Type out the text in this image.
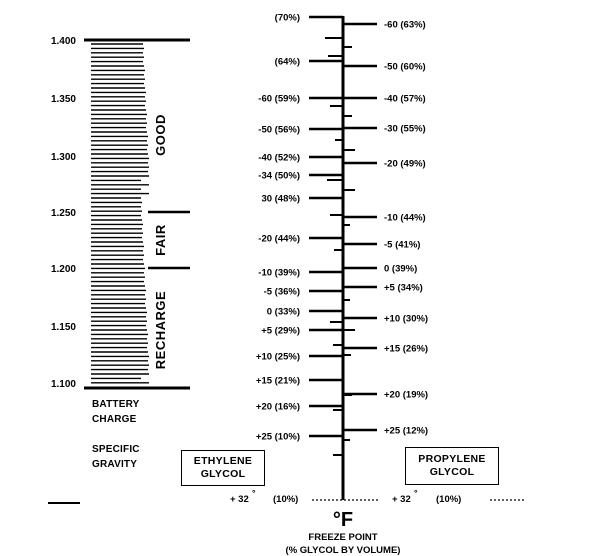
1.400
1.350
1.300
1.250
1.200
1.150
1.100
GOOD
FAIR
RECHARGE
(70%)
(64%)
-60 (59%)
-50 (56%)
-40 (52%)
-34 (50%)
30 (48%)
-20 (44%)
-10 (39%)
-5 (36%)
0 (33%)
+5 (29%)
+10 (25%)
+15 (21%)
+20 (16%)
+25 (10%)
-60 (63%)
-50 (60%)
-40 (57%)
-30 (55%)
-20 (49%)
-10 (44%)
-5 (41%)
0 (39%)
+5 (34%)
+10 (30%)
+15 (26%)
+20 (19%)
+25 (12%)
+ 32
°
(10%)	+ 32
°
(10%)
°F
FREEZE POINT
(% GLYCOL BY VOLUME)
BATTERY
CHARGE

SPECIFIC
GRAVITY	ETHYLENE
GLYCOL
PROPYLENE
GLYCOL
